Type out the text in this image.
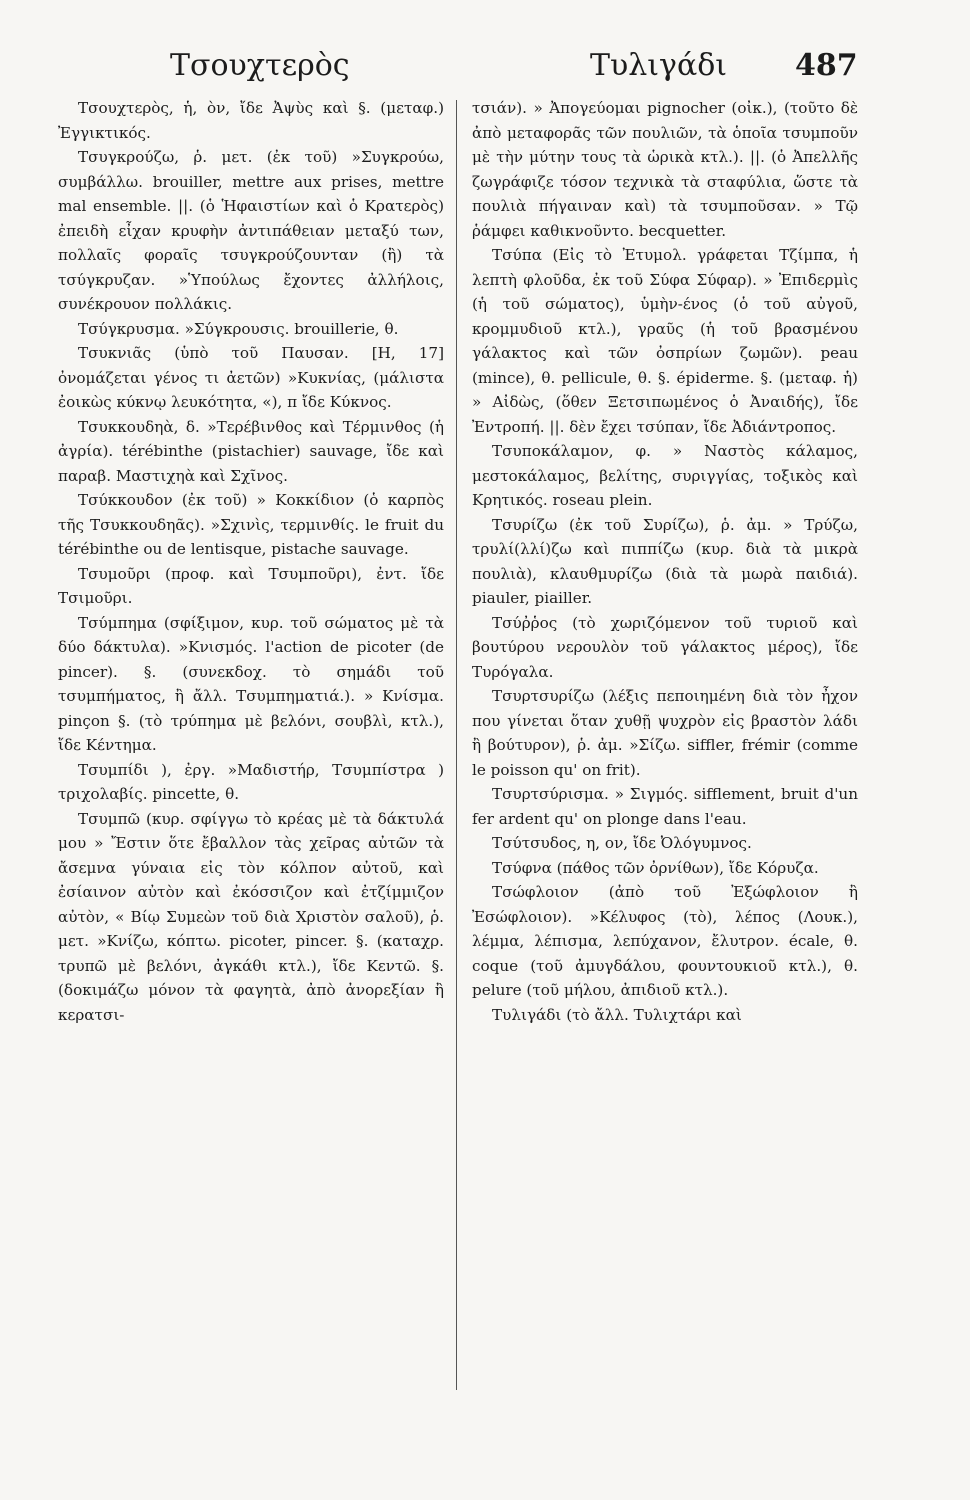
Τσουχτερὸς	Τυλιγάδι 487

Τσουχτερὸς, ἡ, ὸν, ἴδε Ἀψὺς καὶ §. (μεταφ.) Ἐγγικτικός.

Τσυγκρούζω, ῥ. μετ. (ἐκ τοῦ) »Συγκρούω, συμβάλλω. brouiller, mettre aux prises, mettre mal ensemble. ||. (ὁ Ἡφαιστίων καὶ ὁ Κρατερὸς) ἐπειδὴ εἶχαν κρυφὴν ἀντιπάθειαν μεταξύ των, πολλαῖς φοραῖς τσυγκρούζουνταν (ἢ) τὰ τσύγκρυζαν. »Ὑπούλως ἔχοντες ἀλλήλοις, συνέκρουον πολλάκις.

Τσύγκρυσμα. »Σύγκρουσις. brouillerie, θ.

Τσυκνιᾶς (ὑπὸ τοῦ Παυσαν. [Η, 17] ὀνομάζεται γένος τι ἀετῶν) »Κυκνίας, (μάλιστα ἐοικὼς κύκνῳ λευκότητα, «), π ἴδε Κύκνος.

Τσυκκουδηὰ, δ. »Τερέβινθος καὶ Τέρμινθος (ἡ ἀγρία). térébinthe (pistachier) sauvage, ἴδε καὶ παραβ. Μαστιχηὰ καὶ Σχῖνος.

Τσύκκουδον (ἐκ τοῦ) » Κοκκίδιον (ὁ καρπὸς τῆς Τσυκκουδηᾶς). »Σχινὶς, τερμινθίς. le fruit du térébinthe ou de lentisque, pistache sauvage.

Τσυμοῦρι (προφ. καὶ Τσυμποῦρι), ἐντ. ἴδε Τσιμοῦρι.

Τσύμπημα (σφίξιμον, κυρ. τοῦ σώματος μὲ τὰ δύο δάκτυλα). »Κνισμός. l'action de picoter (de pincer). §. (συνεκδοχ. τὸ σημάδι τοῦ τσυμπήματος, ἢ ἄλλ. Τσυμπηματιά.). » Κνίσμα. pinçon §. (τὸ τρύπημα μὲ βελόνι, σουβλὶ, κτλ.), ἴδε Κέντημα.

Τσυμπίδι ), ἐργ. »Μαδιστήρ, Τσυμπίστρα ) τριχολαβίς. pincette, θ.

Τσυμπῶ (κυρ. σφίγγω τὸ κρέας μὲ τὰ δάκτυλά μου » Ἔστιν ὅτε ἔβαλλον τὰς χεῖρας αὐτῶν τὰ ἄσεμνα γύναια εἰς τὸν κόλπον αὐτοῦ, καὶ ἐσίαινον αὐτὸν καὶ ἐκόσσιζον καὶ ἐτζίμμιζον αὐτὸν, « Βίῳ Συμεὼν τοῦ διὰ Χριστὸν σαλοῦ), ῥ. μετ. »Κνίζω, κόπτω. picoter, pincer. §. (καταχρ. τρυπῶ μὲ βελόνι, ἀγκάθι κτλ.), ἴδε Κεντῶ. §. (δοκιμάζω μόνον τὰ φαγητὰ, ἀπὸ ἀνορεξίαν ἢ κερατσι-

τσιάν). » Ἀπογεύομαι pignocher (οἰκ.), (τοῦτο δὲ ἀπὸ μεταφορᾶς τῶν πουλιῶν, τὰ ὁποῖα τσυμποῦν μὲ τὴν μύτην τους τὰ ὡρικὰ κτλ.). ||. (ὁ Ἀπελλῆς ζωγράφιζε τόσον τεχνικὰ τὰ σταφύλια, ὥστε τὰ πουλιὰ πήγαιναν καὶ) τὰ τσυμποῦσαν. » Τῷ ῥάμφει καθικνοῦντο. becquetter.

Τσύπα (Εἰς τὸ Ἐτυμολ. γράφεται Τζίμπα, ἡ λεπτὴ φλοῦδα, ἐκ τοῦ Σύφα Σύφαρ). » Ἐπιδερμὶς (ἡ τοῦ σώματος), ὑμὴν-ένος (ὁ τοῦ αὐγοῦ, κρομμυδιοῦ κτλ.), γραῦς (ἡ τοῦ βρασμένου γάλακτος καὶ τῶν ὀσπρίων ζωμῶν). peau (mince), θ. pellicule, θ. §. épiderme. §. (μεταφ. ἡ) » Αἰδὼς, (ὅθεν Ξετσιπωμένος ὁ Ἀναιδής), ἴδε Ἐντροπή. ||. δὲν ἔχει τσύπαν, ἴδε Ἀδιάντροπος.

Τσυποκάλαμον, φ. » Ναστὸς κάλαμος, μεστοκάλαμος, βελίτης, συριγγίας, τοξικὸς καὶ Κρητικός. roseau plein.

Τσυρίζω (ἐκ τοῦ Συρίζω), ῥ. ἀμ. » Τρύζω, τρυλί(λλί)ζω καὶ πιππίζω (κυρ. διὰ τὰ μικρὰ πουλιὰ), κλαυθμυρίζω (διὰ τὰ μωρὰ παιδιά). piauler, piailler.

Τσύῤῥος (τὸ χωριζόμενον τοῦ τυριοῦ καὶ βουτύρου νερουλὸν τοῦ γάλακτος μέρος), ἴδε Τυρόγαλα.

Τσυρτσυρίζω (λέξις πεποιημένη διὰ τὸν ἦχον που γίνεται ὅταν χυθῇ ψυχρὸν εἰς βραστὸν λάδι ἢ βούτυρον), ῥ. ἀμ. »Σίζω. siffler, frémir (comme le poisson qu' on frit).

Τσυρτσύρισμα. » Σιγμός. sifflement, bruit d'un fer ardent qu' on plonge dans l'eau.

Τσύτσυδος, η, ον, ἴδε Ὀλόγυμνος.

Τσύφνα (πάθος τῶν ὀρνίθων), ἴδε Κόρυζα.

Τσώφλοιον (ἀπὸ τοῦ Ἐξώφλοιον ἢ Ἐσώφλοιον). »Κέλυφος (τὸ), λέπος (Λουκ.), λέμμα, λέπισμα, λεπύχανον, ἔλυτρον. écale, θ. coque (τοῦ ἀμυγδάλου, φουντουκιοῦ κτλ.), θ. pelure (τοῦ μήλου, ἀπιδιοῦ κτλ.).

Τυλιγάδι (τὸ ἄλλ. Τυλιχτάρι καὶ
